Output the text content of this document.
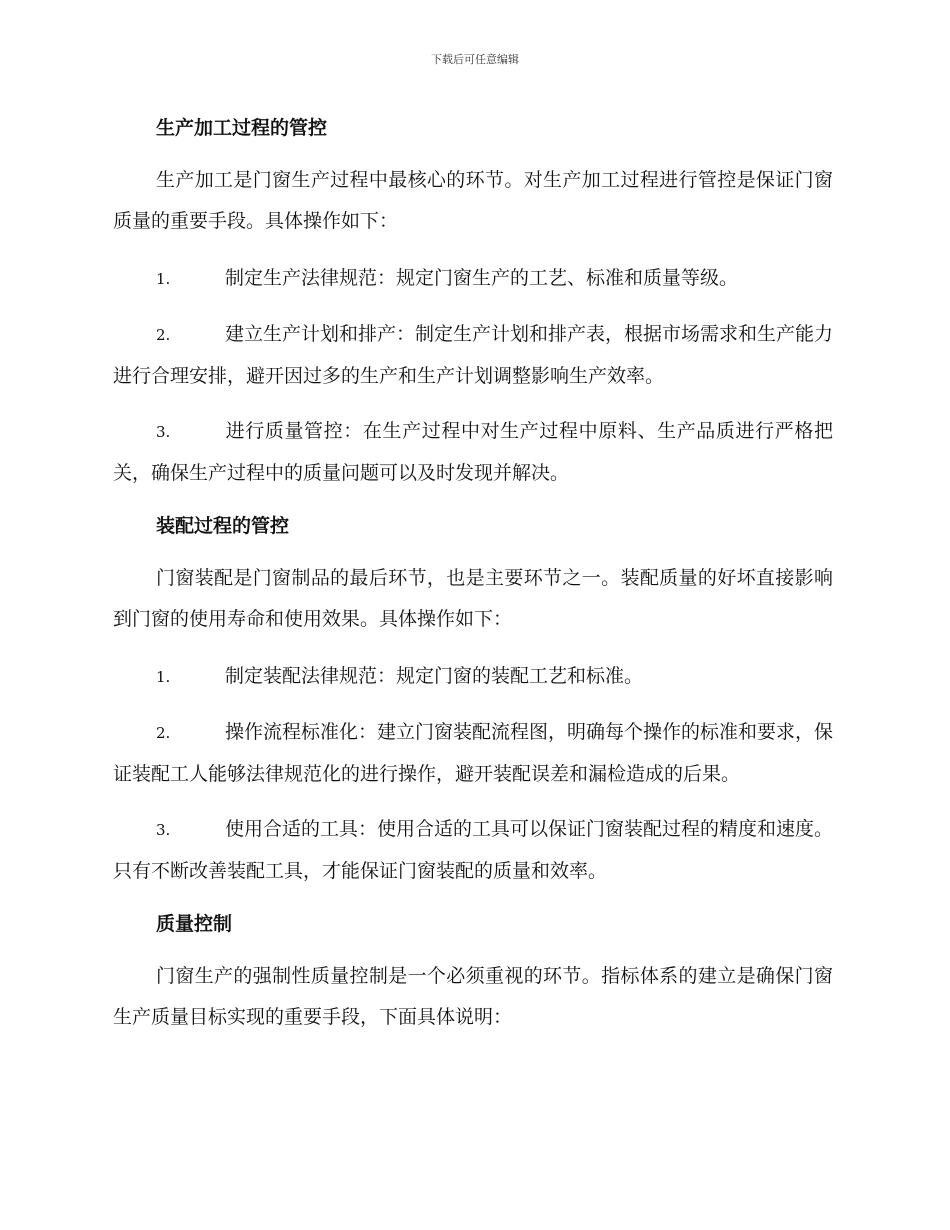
下载后可任意编辑
生产加工过程的管控

生产加工是门窗生产过程中最核心的环节。对生产加工过程进行管控是保证门窗质量的重要手段。具体操作如下：

1.	制定生产法律规范：规定门窗生产的工艺、标准和质量等级。

2.	建立生产计划和排产：制定生产计划和排产表，根据市场需求和生产能力进行合理安排，避开因过多的生产和生产计划调整影响生产效率。

3.	进行质量管控：在生产过程中对生产过程中原料、生产品质进行严格把关，确保生产过程中的质量问题可以及时发现并解决。

装配过程的管控

门窗装配是门窗制品的最后环节，也是主要环节之一。装配质量的好坏直接影响到门窗的使用寿命和使用效果。具体操作如下：

1.	制定装配法律规范：规定门窗的装配工艺和标准。

2.	操作流程标准化：建立门窗装配流程图，明确每个操作的标准和要求，保证装配工人能够法律规范化的进行操作，避开装配误差和漏检造成的后果。

3.	使用合适的工具：使用合适的工具可以保证门窗装配过程的精度和速度。只有不断改善装配工具，才能保证门窗装配的质量和效率。

质量控制

门窗生产的强制性质量控制是一个必须重视的环节。指标体系的建立是确保门窗生产质量目标实现的重要手段，下面具体说明：
